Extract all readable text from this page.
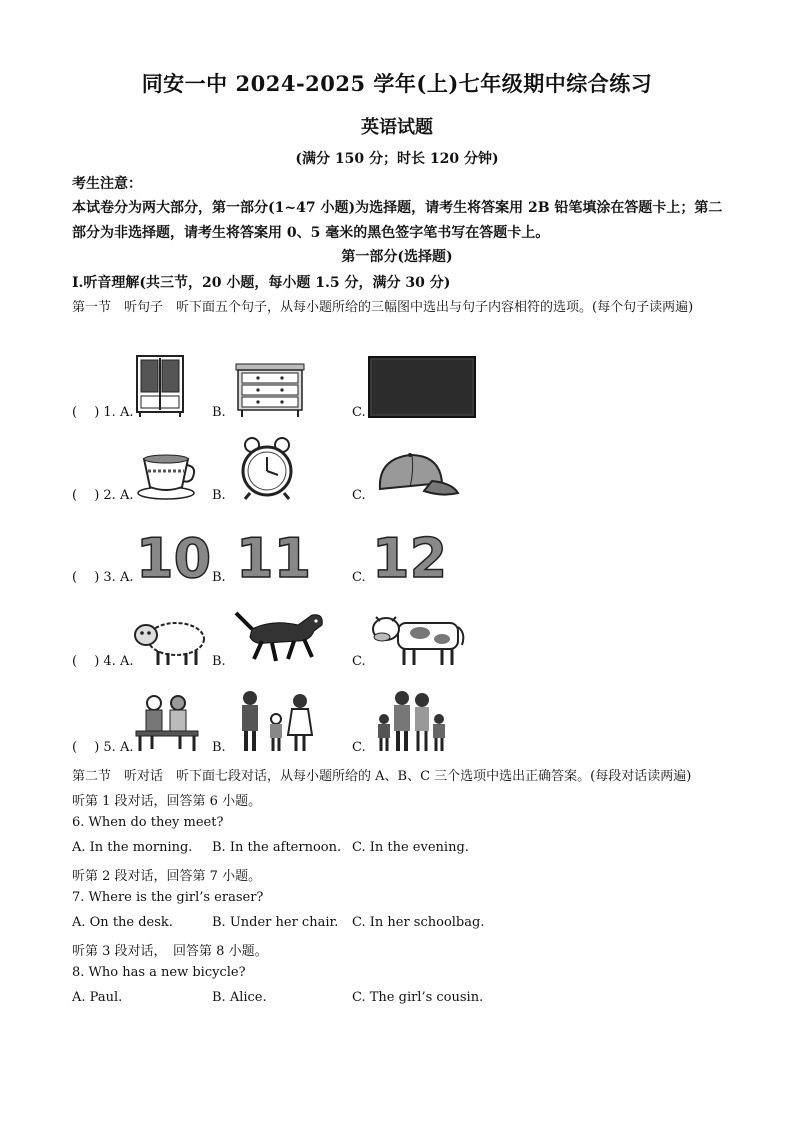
同安一中 2024-2025 学年(上)七年级期中综合练习
英语试题
(满分 150 分；时长 120 分钟)
考生注意：
本试卷分为两大部分，第一部分(1~47 小题)为选择题，请考生将答案用 2B 铅笔填涂在答题卡上；第二部分为非选择题，请考生将答案用 0、5 毫米的黑色签字笔书写在答题卡上。
第一部分(选择题)
I.听音理解(共三节，20 小题，每小题 1.5 分，满分 30 分)
第一节　听句子　听下面五个句子，从每小题所给的三幅图中选出与句子内容相符的选项。(每个句子读两遍)
(　 ) 1. A.	B.	C.
(　 ) 2. A.	B.	C.
(　 ) 3. A. 10 B. 11	C. 12
(　 ) 4. A.	B.	C.
(　 ) 5. A.	B.	C.
第二节　听对话　听下面七段对话，从每小题所给的 A、B、C 三个选项中选出正确答案。(每段对话读两遍)
听第 1 段对话，回答第 6 小题。
6. When do they meet?
A. In the morning. B. In the afternoon. C. In the evening.
听第 2 段对话，回答第 7 小题。
7. Where is the girl’s eraser?
A. On the desk.	B. Under her chair. C. In her schoolbag.
听第 3 段对话，　回答第 8 小题。
8. Who has a new bicycle?
A. Paul.	B. Alice.	C. The girl’s cousin.
